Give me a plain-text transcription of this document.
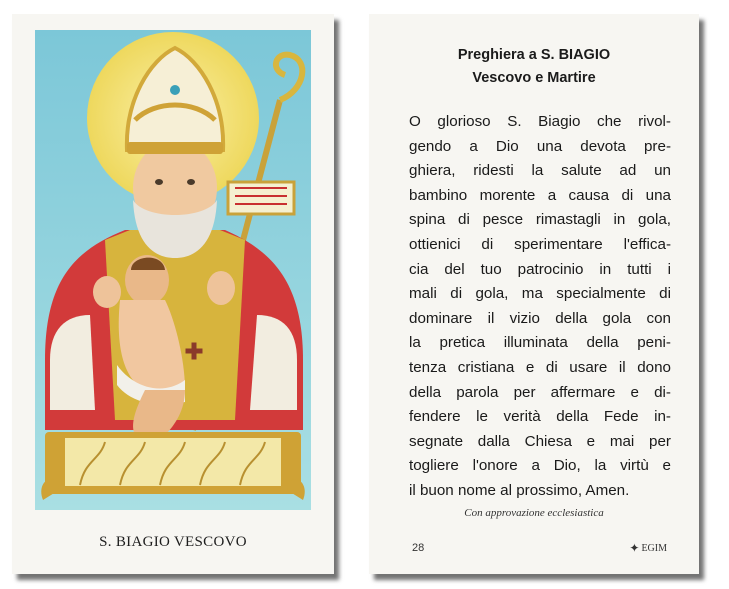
S. BIAGIO VESCOVO
Preghiera a S. BIAGIO
Vescovo e Martire
O glorioso S. Biagio che rivol-
gendo a Dio una devota pre-
ghiera, ridesti la salute ad un
bambino morente a causa di una
spina di pesce rimastagli in gola,
ottienici di sperimentare l'effica-
cia del tuo patrocinio in tutti i
mali di gola, ma specialmente di
dominare il vizio della gola con
la pretica illuminata della peni-
tenza cristiana e di usare il dono
della parola per affermare e di-
fendere le verità della Fede in-
segnate dalla Chiesa e mai per
togliere l'onore a Dio, la virtù e
il buon nome al prossimo, Amen.
Con approvazione ecclesiastica
28	✦ EGIM
